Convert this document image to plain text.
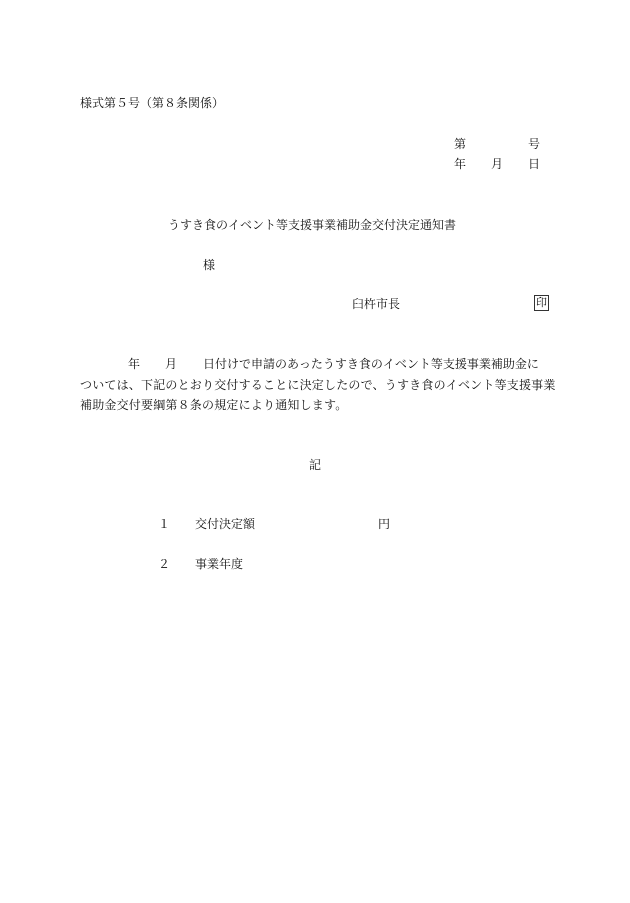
様式第５号（第８条関係）
第	号
年 月 日
うすき食のイベント等支援事業補助金交付決定通知書
様
臼杵市長	印
年 月 日付けで申請のあったうすき食のイベント等支援事業補助金に
ついては、下記のとおり交付することに決定したので、うすき食のイベント等支援事業
補助金交付要綱第８条の規定により通知します。
記
１ 交付決定額	円
２ 事業年度
